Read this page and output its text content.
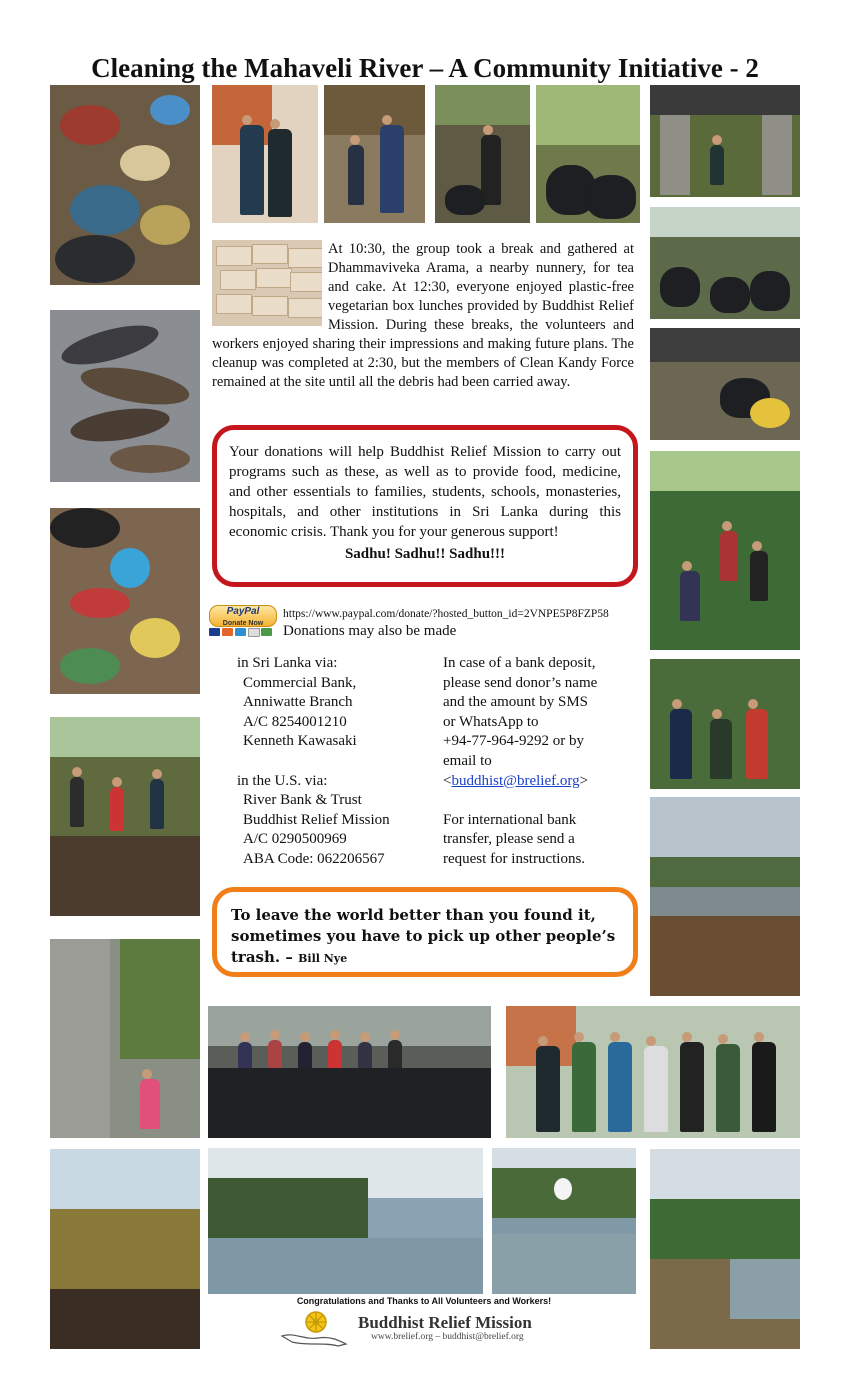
Cleaning the Mahaveli River – A Community Initiative - 2
At 10:30, the group took a break and gathered at Dhammaviveka Arama, a nearby nunnery, for tea and cake. At 12:30, everyone enjoyed plastic-free vegetarian box lunches provided by Buddhist Relief Mission. During these breaks, the volunteers and workers enjoyed sharing their impressions and making future plans. The cleanup was completed at 2:30, but the members of Clean Kandy Force remained at the site until all the debris had been carried away.
Your donations will help Buddhist Relief Mission to carry out programs such as these, as well as to provide food, medicine, and other essentials to families, students, schools, monasteries, hospitals, and other institutions in Sri Lanka during this economic crisis. Thank you for your generous support!
Sadhu! Sadhu!! Sadhu!!!
PayPal
Donate Now
https://www.paypal.com/donate/?hosted_button_id=2VNPE5P8FZP58
Donations may also be made
in Sri Lanka via:
Commercial Bank,
Anniwatte Branch
A/C 8254001210
Kenneth Kawasaki
in the U.S. via:
River Bank & Trust
Buddhist Relief Mission
A/C 0290500969
ABA Code: 062206567
In case of a bank deposit,
please send donor’s name
and the amount by SMS
or WhatsApp to
+94-77-964-9292 or by
email to
<buddhist@brelief.org>
For international bank
transfer, please send a
request for instructions.
To leave the world better than you found it, sometimes you have to pick up other people’s trash. – Bill Nye
Congratulations and Thanks to All Volunteers and Workers!
Buddhist Relief Mission
www.brelief.org – buddhist@brelief.org
